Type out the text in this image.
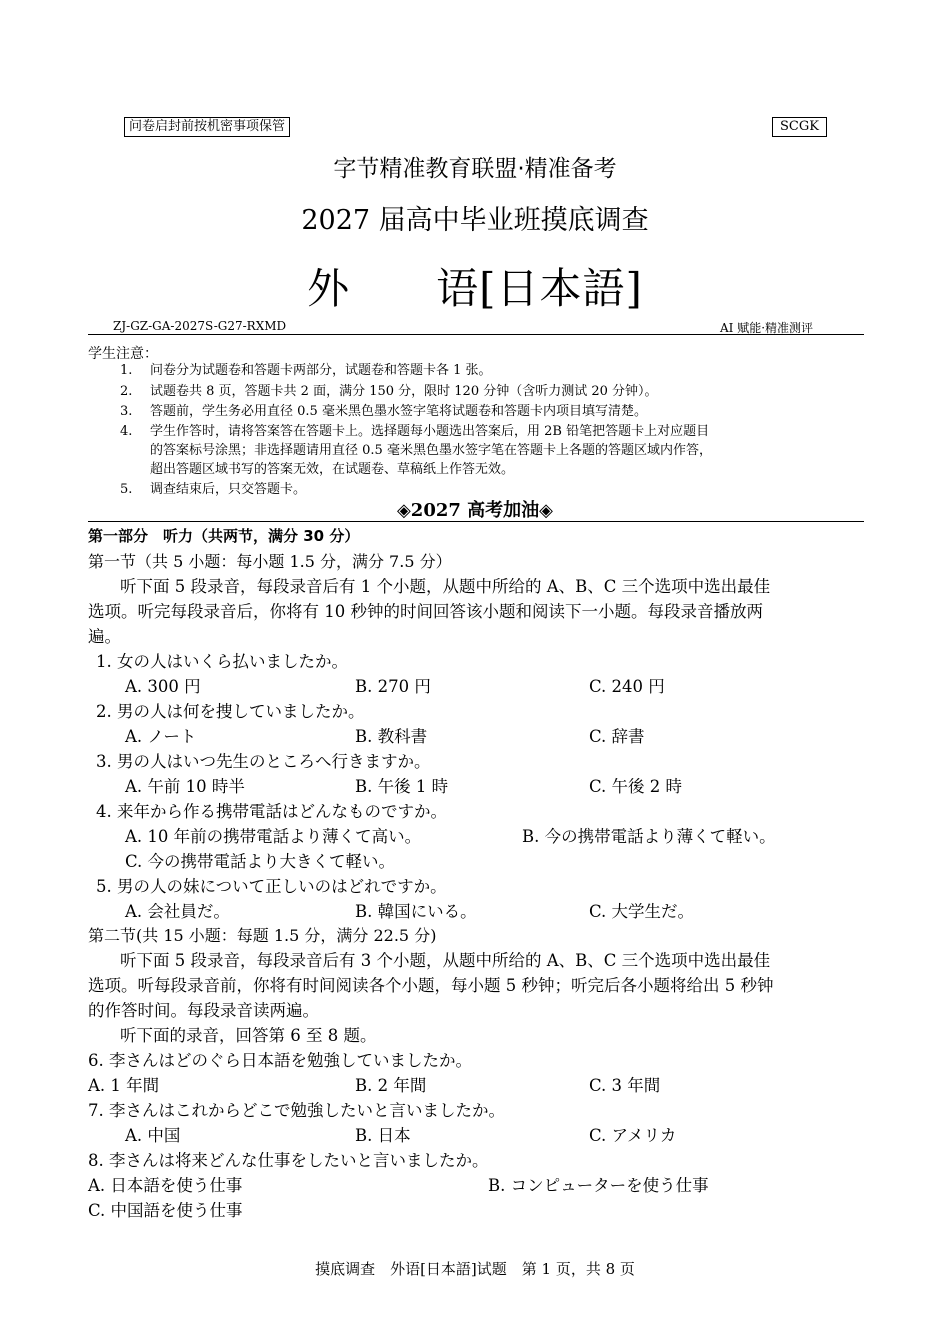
问卷启封前按机密事项保管	SCGK
字节精准教育联盟·精准备考
2027 届高中毕业班摸底调查
外　　语[日本語]
ZJ-GZ-GA-2027S-G27-RXMD	AI 赋能·精准测评
学生注意：
1. 问卷分为试题卷和答题卡两部分，试题卷和答题卡各 1 张。
2. 试题卷共 8 页，答题卡共 2 面，满分 150 分，限时 120 分钟（含听力测试 20 分钟）。
3. 答题前，学生务必用直径 0.5 毫米黑色墨水签字笔将试题卷和答题卡内项目填写清楚。
4. 学生作答时，请将答案答在答题卡上。选择题每小题选出答案后，用 2B 铅笔把答题卡上对应题目
的答案标号涂黑；非选择题请用直径 0.5 毫米黑色墨水签字笔在答题卡上各题的答题区域内作答，
超出答题区域书写的答案无效，在试题卷、草稿纸上作答无效。
5. 调查结束后，只交答题卡。
◈2027 高考加油◈
第一部分　听力（共两节，满分 30 分）
第一节（共 5 小题：每小题 1.5 分，满分 7.5 分）
听下面 5 段录音，每段录音后有 1 个小题，从题中所给的 A、B、C 三个选项中选出最佳
选项。听完每段录音后，你将有 10 秒钟的时间回答该小题和阅读下一小题。每段录音播放两
遍。
1. 女の人はいくら払いましたか。
A. 300 円	B. 270 円	C. 240 円
2. 男の人は何を捜していましたか。
A. ノート	B. 教科書	C. 辞書
3. 男の人はいつ先生のところへ行きますか。
A. 午前 10 時半	B. 午後 1 時	C. 午後 2 時
4. 来年から作る携帯電話はどんなものですか。
A. 10 年前の携帯電話より薄くて高い。	B. 今の携帯電話より薄くて軽い。
C. 今の携帯電話より大きくて軽い。
5. 男の人の妹について正しいのはどれですか。
A. 会社員だ。	B. 韓国にいる。	C. 大学生だ。
第二节(共 15 小题：每题 1.5 分，满分 22.5 分)
听下面 5 段录音，每段录音后有 3 个小题，从题中所给的 A、B、C 三个选项中选出最佳
选项。听每段录音前，你将有时间阅读各个小题，每小题 5 秒钟；听完后各小题将给出 5 秒钟
的作答时间。每段录音读两遍。
听下面的录音，回答第 6 至 8 题。
6. 李さんはどのぐら日本語を勉強していましたか。
A. 1 年間	B. 2 年間	C. 3 年間
7. 李さんはこれからどこで勉強したいと言いましたか。
A. 中国	B. 日本	C. アメリカ
8. 李さんは将来どんな仕事をしたいと言いましたか。
A. 日本語を使う仕事	B. コンピューターを使う仕事
C. 中国語を使う仕事
摸底调查　外语[日本語]试题　第 1 页，共 8 页
